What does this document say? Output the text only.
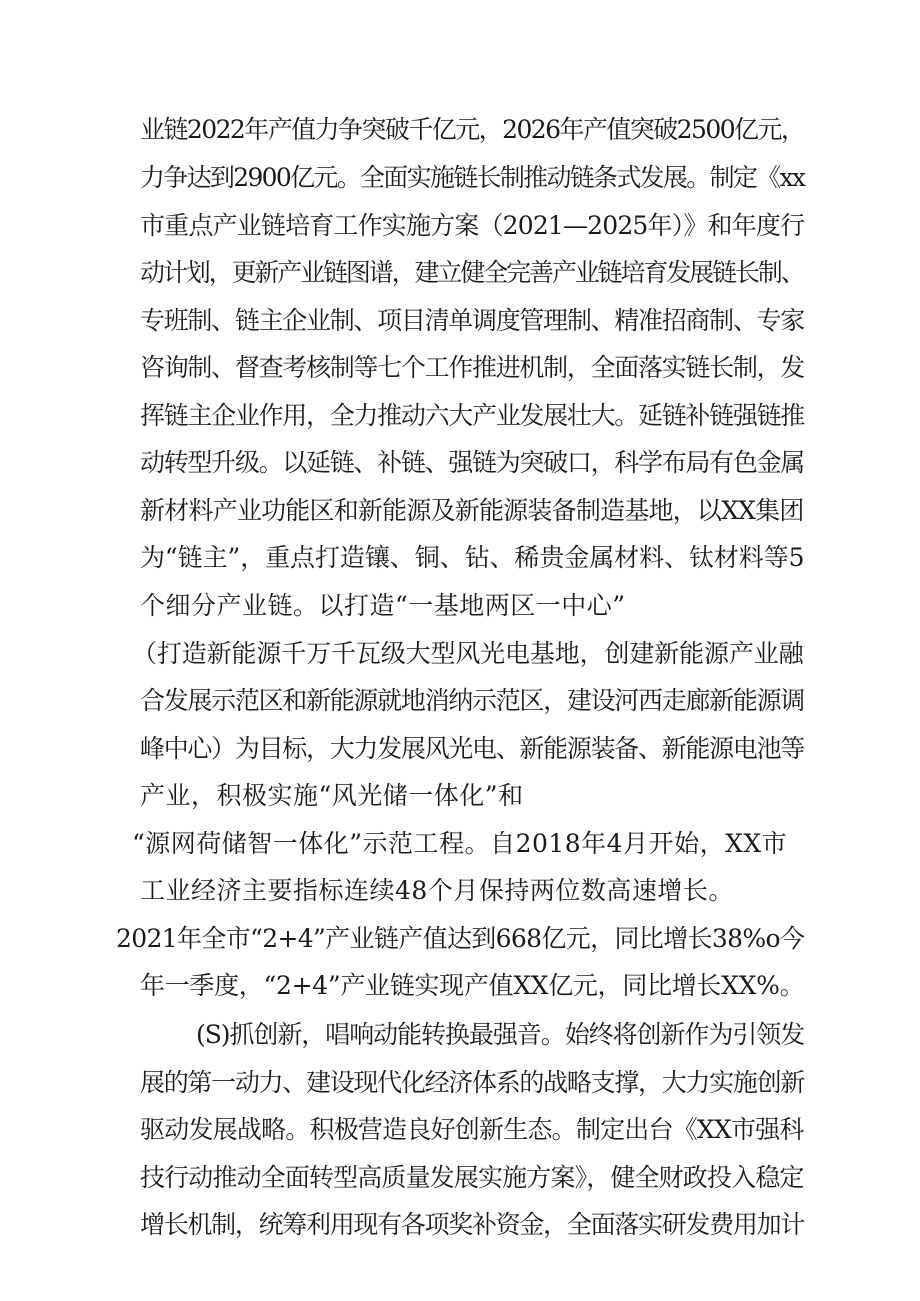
业链2022年产值力争突破千亿元，2026年产值突破2500亿元，
力争达到2900亿元。全面实施链长制推动链条式发展。制定《xx
市重点产业链培育工作实施方案（2021—2025年）》和年度行
动计划，更新产业链图谱，建立健全完善产业链培育发展链长制、
专班制、链主企业制、项目清单调度管理制、精准招商制、专家
咨询制、督查考核制等七个工作推进机制，全面落实链长制，发
挥链主企业作用，全力推动六大产业发展壮大。延链补链强链推
动转型升级。以延链、补链、强链为突破口，科学布局有色金属
新材料产业功能区和新能源及新能源装备制造基地，以XX集团
为“链主”，重点打造镶、铜、钻、稀贵金属材料、钛材料等5
个细分产业链。以打造“一基地两区一中心”
（打造新能源千万千瓦级大型风光电基地，创建新能源产业融
合发展示范区和新能源就地消纳示范区，建设河西走廊新能源调
峰中心）为目标，大力发展风光电、新能源装备、新能源电池等
产业，积极实施“风光储一体化”和
“源网荷储智一体化”示范工程。自2018年4月开始，XX市
工业经济主要指标连续48个月保持两位数高速增长。
2021年全市“2+4”产业链产值达到668亿元，同比增长38%o今
年一季度，“2+4”产业链实现产值XX亿元，同比增长XX%。
(S)抓创新，唱响动能转换最强音。始终将创新作为引领发
展的第一动力、建设现代化经济体系的战略支撑，大力实施创新
驱动发展战略。积极营造良好创新生态。制定出台《XX市强科
技行动推动全面转型高质量发展实施方案》，健全财政投入稳定
增长机制，统筹利用现有各项奖补资金，全面落实研发费用加计
